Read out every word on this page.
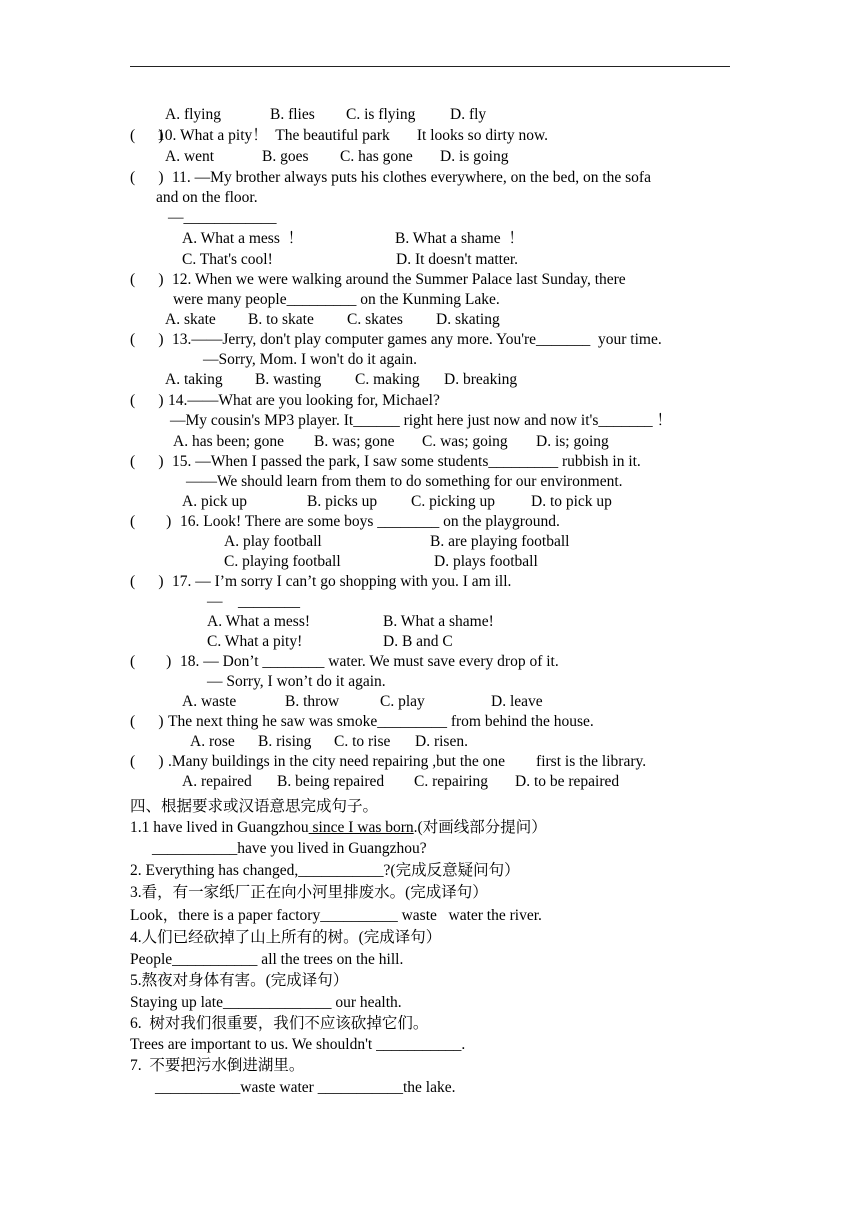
A. flying	B. flies C. is flying D. fly
(      )
10. What a pity！  The beautiful park       It looks so dirty now.
A. went	B. goes C. has gone D. is going
(      ) 11. ―My brother always puts his clothes everywhere, on the bed, on the sofa
and on the floor.
—____________
A. What a mess  ！	B. What a shame  ！
C. That's cool!	D. It doesn't matter.
(      ) 12. When we were walking around the Summer Palace last Sunday, there
were many people_________ on the Kunming Lake.
A. skate B. to skate C. skates D. skating
(      ) 13.——Jerry, don't play computer games any more. You're_______  your time.
—Sorry, Mom. I won't do it again.
A. taking B. wasting C. making D. breaking
(      ) 14.——What are you looking for, Michael?
—My cousin's MP3 player. It______ right here just now and now it's_______ ！
A. has been; gone B. was; gone C. was; going D. is; going
(      ) 15. —When I passed the park, I saw some students_________ rubbish in it.
——We should learn from them to do something for our environment.
A. pick up	B. picks up C. picking up D. to pick up
(        ) 16. Look! There are some boys ________ on the playground.
A. play football	B. are playing football
C. playing football	D. plays football
(      ) 17. — I’m sorry I can’t go shopping with you. I am ill.
—    ________
A. What a mess!	B. What a shame!
C. What a pity!	D. B and C
(        ) 18. — Don’t ________ water. We must save every drop of it.
— Sorry, I won’t do it again.
A. waste	B. throw	C. play	D. leave
(      ) The next thing he saw was smoke_________ from behind the house.
A. rose B. rising C. to rise D. risen.
(      ) .Many buildings in the city need repairing ,but the one        first is the library.
A. repaired B. being repaired C. repairing D. to be repaired
四、根据要求或汉语意思完成句子。
1.1 have lived in Guangzhou since I was born.(对画线部分提问）
___________have you lived in Guangzhou?
2. Everything has changed,___________?(完成反意疑问句）
3.看，有一家纸厂正在向小河里排废水。(完成译句）
Look，there is a paper factory__________ waste   water the river.
4.人们已经砍掉了山上所有的树。(完成译句）
People___________ all the trees on the hill.
5.熬夜对身体有害。(完成译句）
Staying up late______________ our health.
6.  树对我们很重要，我们不应该砍掉它们。
Trees are important to us. We shouldn't ___________.
7.  不要把污水倒进湖里。
___________waste water ___________the lake.
